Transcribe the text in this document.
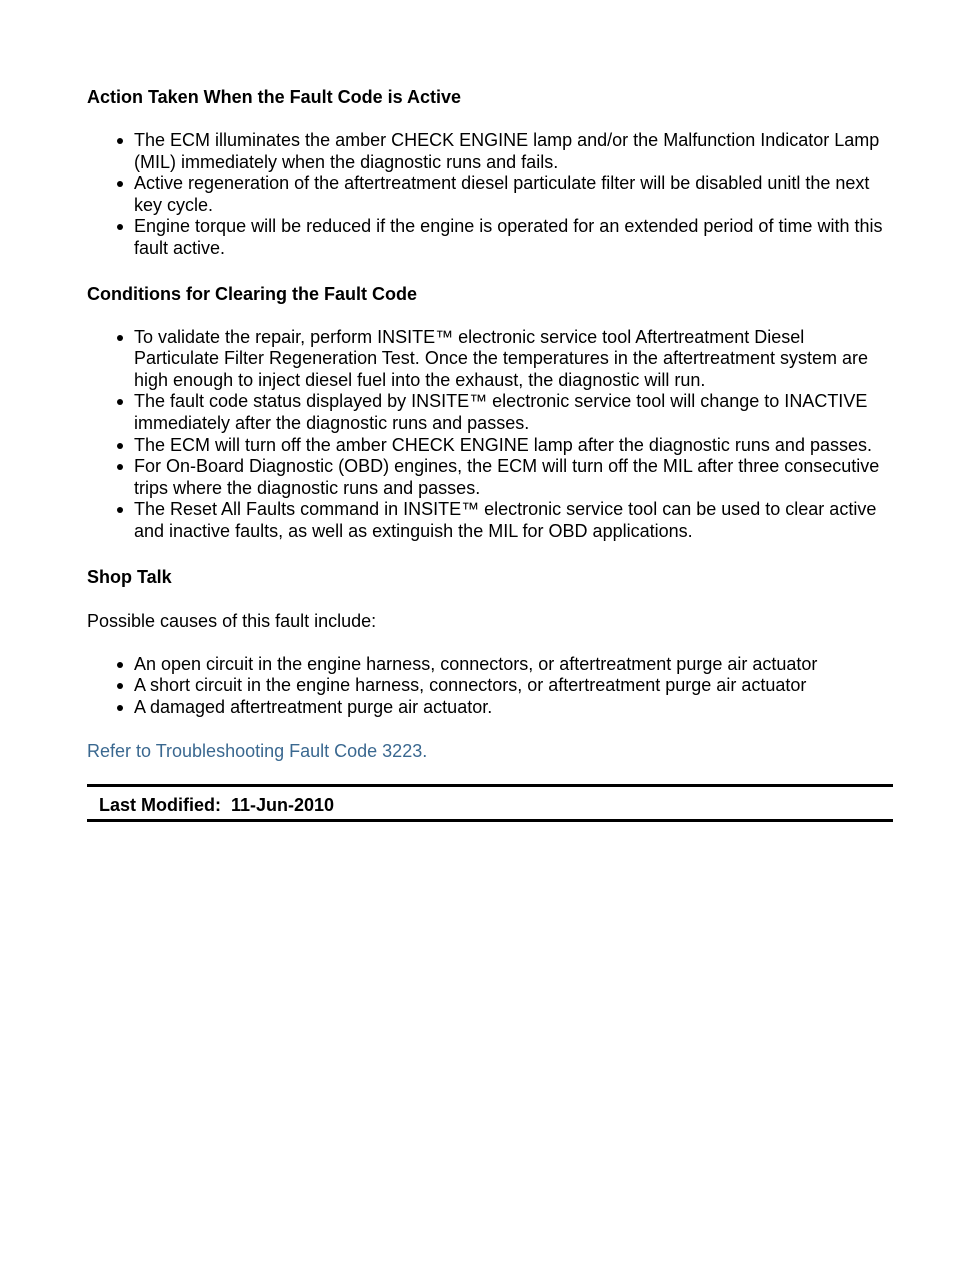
Action Taken When the Fault Code is Active
The ECM illuminates the amber CHECK ENGINE lamp and/or the Malfunction Indicator Lamp (MIL) immediately when the diagnostic runs and fails.
Active regeneration of the aftertreatment diesel particulate filter will be disabled unitl the next key cycle.
Engine torque will be reduced if the engine is operated for an extended period of time with this fault active.
Conditions for Clearing the Fault Code
To validate the repair, perform INSITE™ electronic service tool Aftertreatment Diesel Particulate Filter Regeneration Test. Once the temperatures in the aftertreatment system are high enough to inject diesel fuel into the exhaust, the diagnostic will run.
The fault code status displayed by INSITE™ electronic service tool will change to INACTIVE immediately after the diagnostic runs and passes.
The ECM will turn off the amber CHECK ENGINE lamp after the diagnostic runs and passes.
For On-Board Diagnostic (OBD) engines, the ECM will turn off the MIL after three consecutive trips where the diagnostic runs and passes.
The Reset All Faults command in INSITE™ electronic service tool can be used to clear active and inactive faults, as well as extinguish the MIL for OBD applications.
Shop Talk

Possible causes of this fault include:

An open circuit in the engine harness, connectors, or aftertreatment purge air actuator
A short circuit in the engine harness, connectors, or aftertreatment purge air actuator
A damaged aftertreatment purge air actuator.
Refer to Troubleshooting Fault Code 3223.
Last Modified:  11-Jun-2010
